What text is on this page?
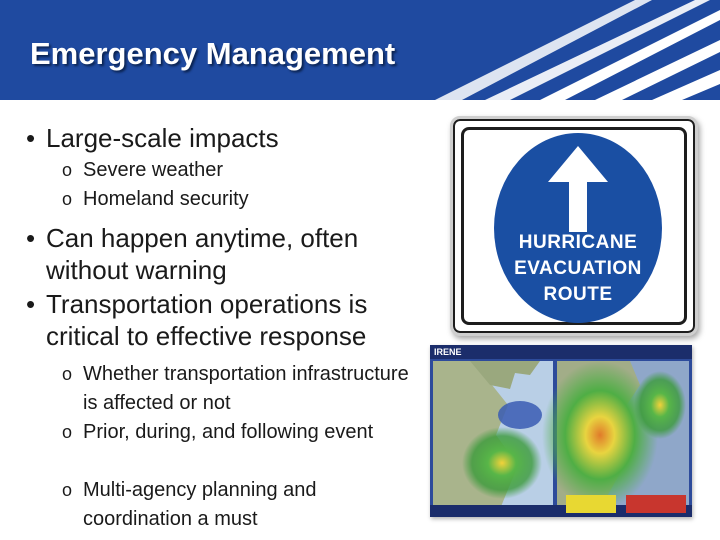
Emergency Management
• Large-scale impacts
o Severe weather
o Homeland security
• Can happen anytime, often without warning
• Transportation operations is critical to effective response
o Whether transportation infrastructure is affected or not
o Prior, during, and following event
o Multi-agency planning and coordination a must
HURRICANE
EVACUATION
ROUTE
IRENE
